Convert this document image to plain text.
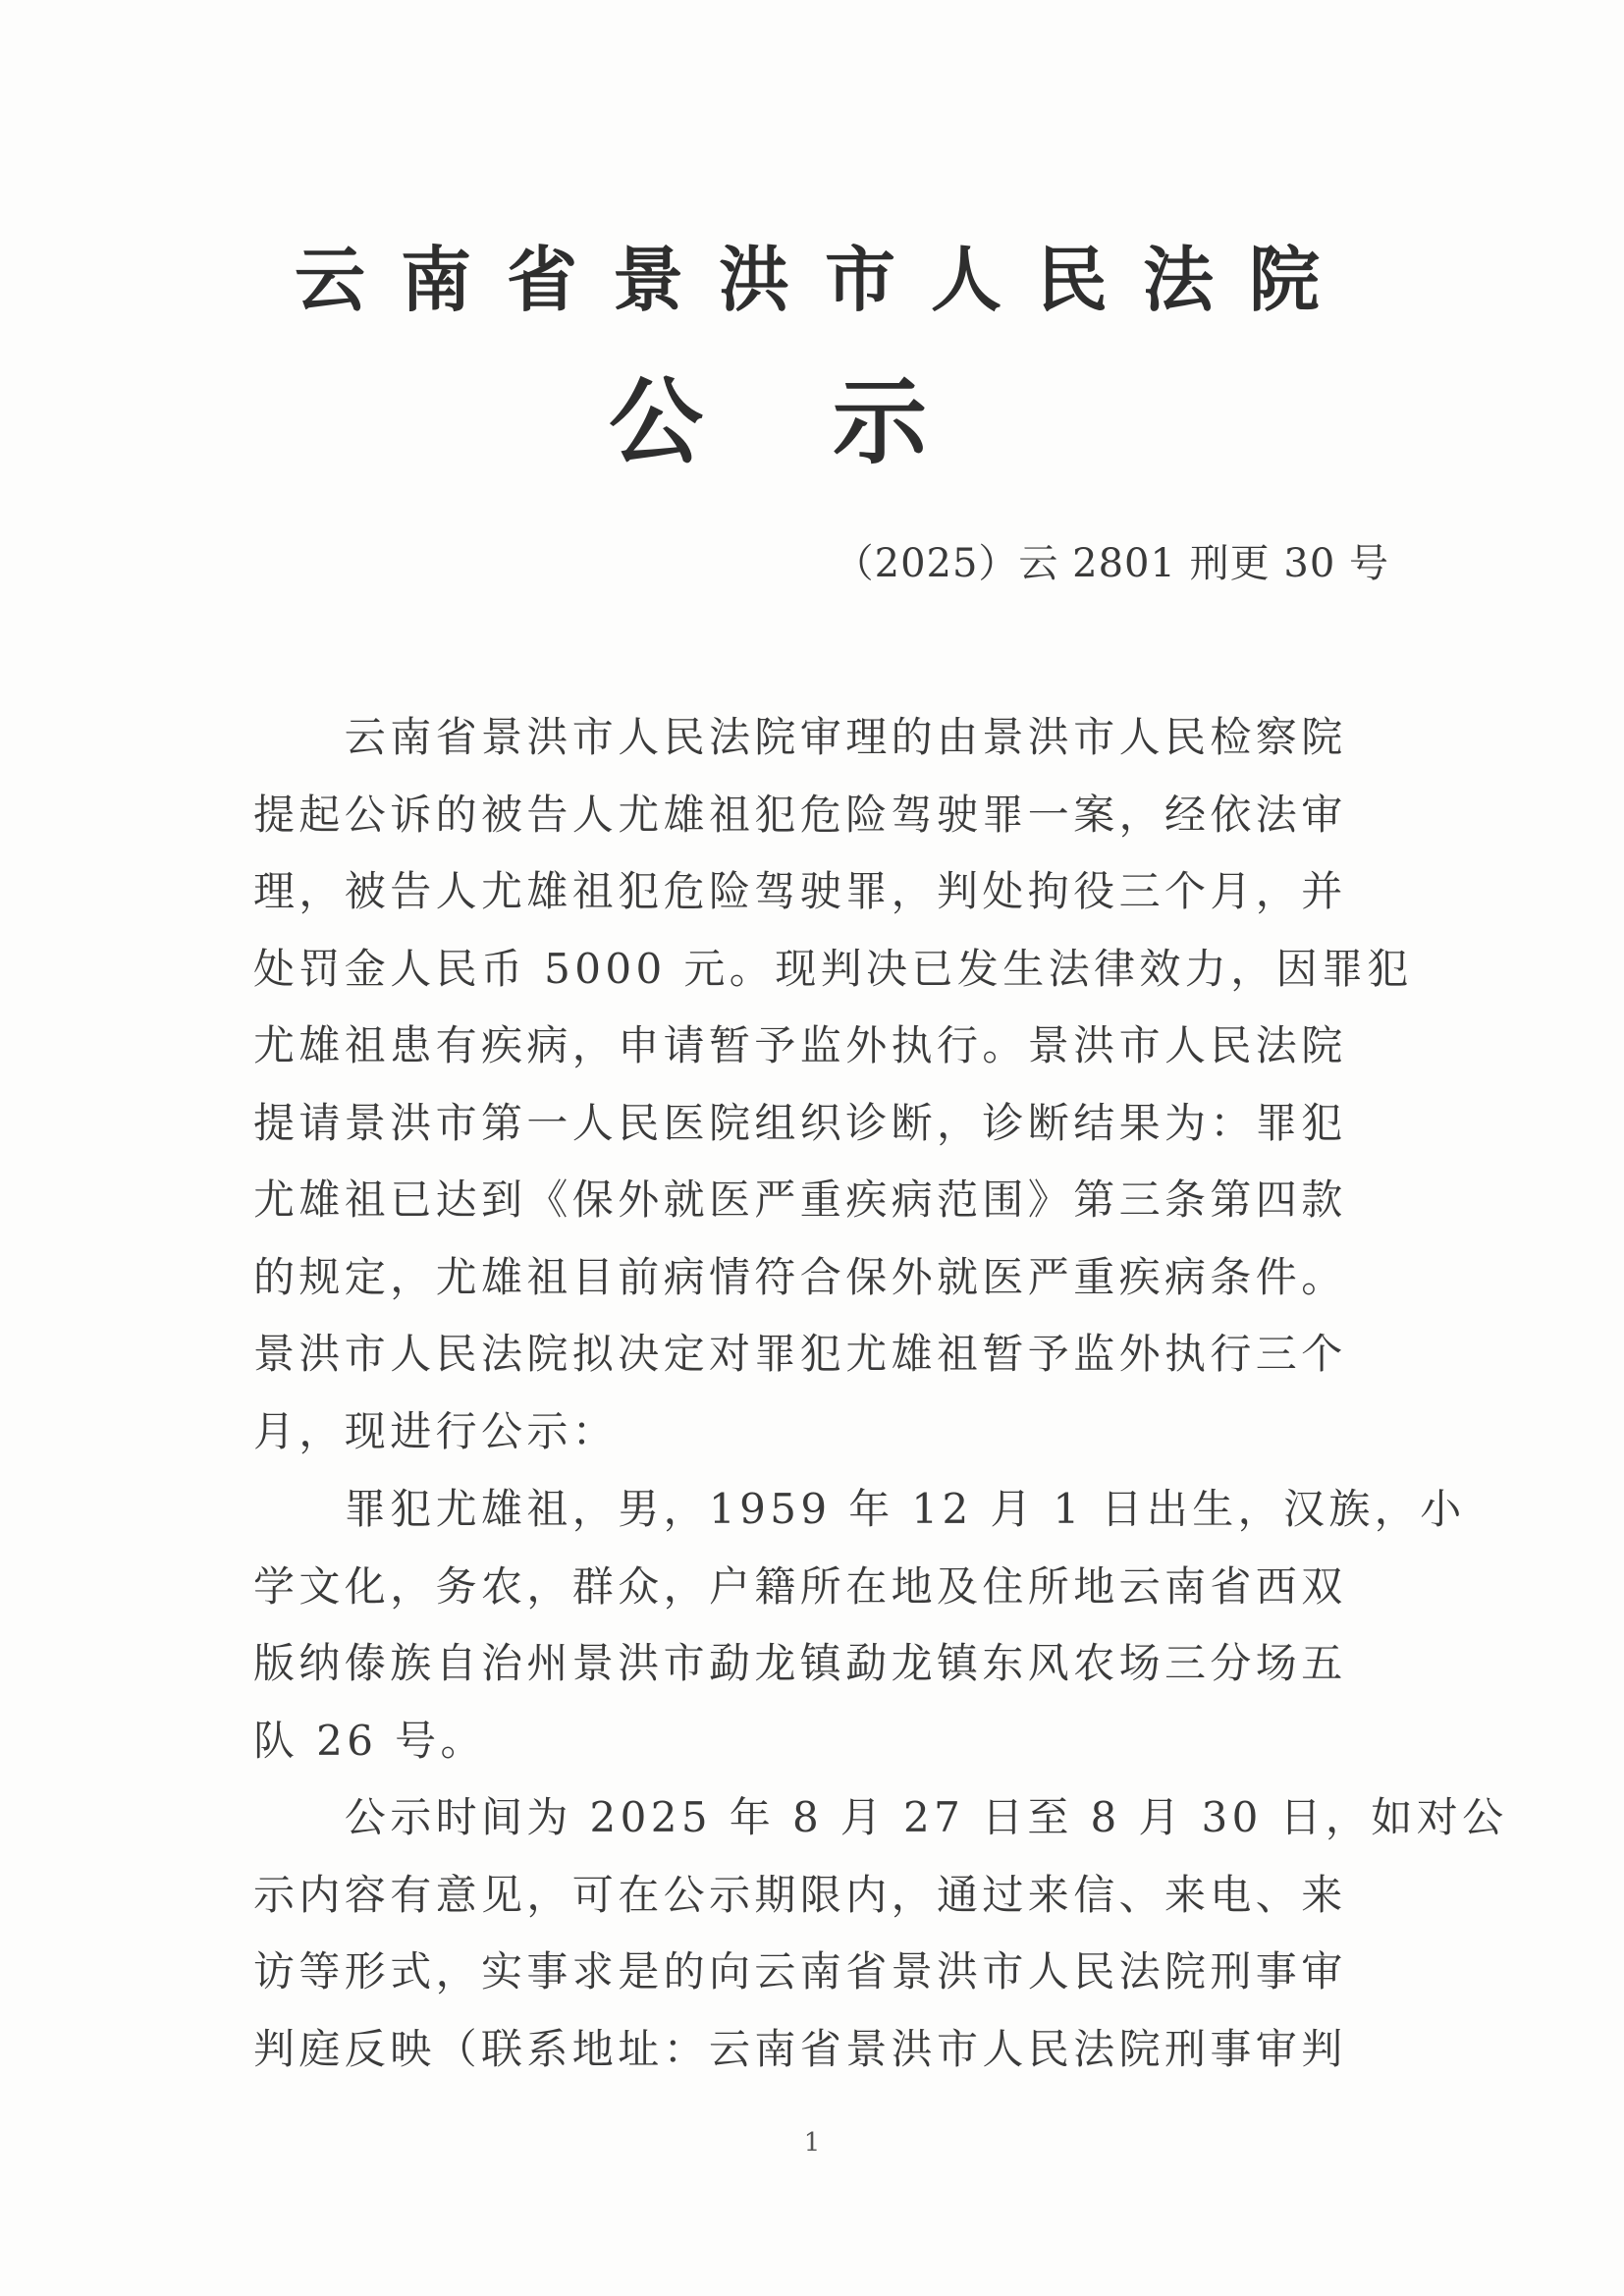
云南省景洪市人民法院
公示
（2025）云 2801 刑更 30 号
　　云南省景洪市人民法院审理的由景洪市人民检察院
提起公诉的被告人尤雄祖犯危险驾驶罪一案，经依法审
理，被告人尤雄祖犯危险驾驶罪，判处拘役三个月，并
处罚金人民币 5000 元。现判决已发生法律效力，因罪犯
尤雄祖患有疾病，申请暂予监外执行。景洪市人民法院
提请景洪市第一人民医院组织诊断，诊断结果为：罪犯
尤雄祖已达到《保外就医严重疾病范围》第三条第四款
的规定，尤雄祖目前病情符合保外就医严重疾病条件。
景洪市人民法院拟决定对罪犯尤雄祖暂予监外执行三个
月，现进行公示：
　　罪犯尤雄祖，男，1959 年 12 月 1 日出生，汉族，小
学文化，务农，群众，户籍所在地及住所地云南省西双
版纳傣族自治州景洪市勐龙镇勐龙镇东风农场三分场五
队 26 号。
　　公示时间为 2025 年 8 月 27 日至 8 月 30 日，如对公
示内容有意见，可在公示期限内，通过来信、来电、来
访等形式，实事求是的向云南省景洪市人民法院刑事审
判庭反映（联系地址：云南省景洪市人民法院刑事审判
1
